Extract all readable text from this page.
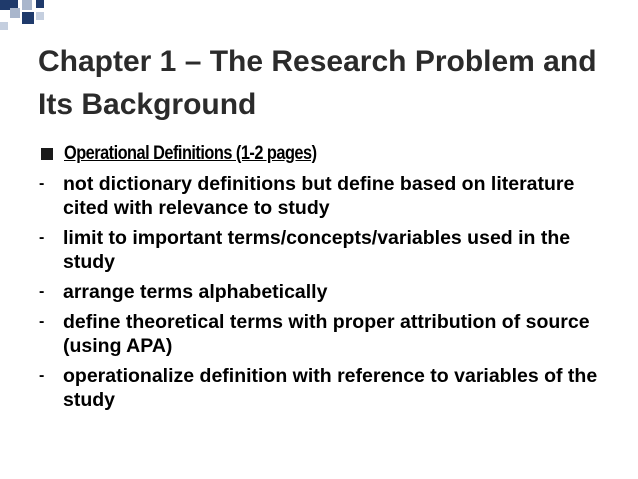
Chapter 1 – The Research Problem and Its Background
Operational Definitions (1-2 pages)
- not dictionary definitions but define based on literature cited with relevance to study
- limit to important terms/concepts/variables used in the study
- arrange terms alphabetically
- define theoretical terms with proper attribution of source (using APA)
- operationalize definition with reference to variables of the study
